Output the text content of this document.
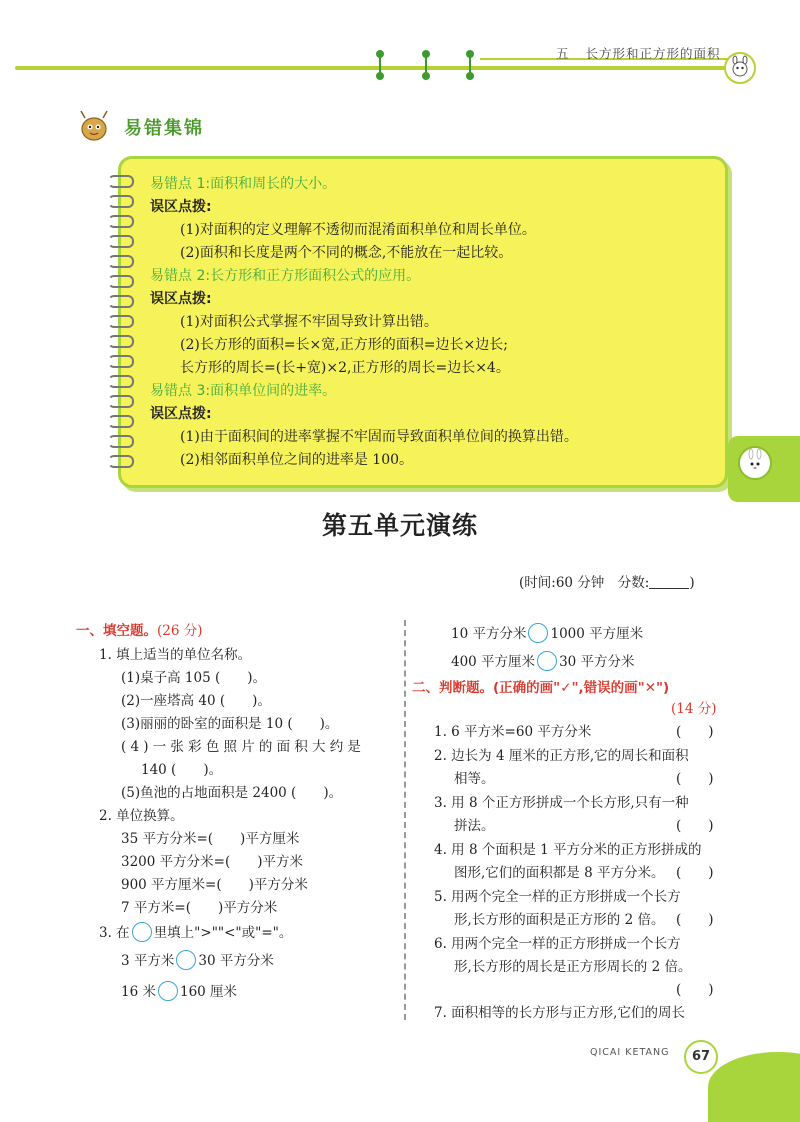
五 长方形和正方形的面积
易错集锦
易错点 1:面积和周长的大小。
误区点拨:
(1)对面积的定义理解不透彻而混淆面积单位和周长单位。
(2)面积和长度是两个不同的概念,不能放在一起比较。
易错点 2:长方形和正方形面积公式的应用。
误区点拨:
(1)对面积公式掌握不牢固导致计算出错。
(2)长方形的面积=长×宽,正方形的面积=边长×边长;
长方形的周长=(长+宽)×2,正方形的周长=边长×4。
易错点 3:面积单位间的进率。
误区点拨:
(1)由于面积间的进率掌握不牢固而导致面积单位间的换算出错。
(2)相邻面积单位之间的进率是 100。
第五单元演练
(时间:60 分钟　分数:	)
一、填空题。(26 分)
1. 填上适当的单位名称。
(1)桌子高 105 (　　)。
(2)一座塔高 40 (　　)。
(3)丽丽的卧室的面积是 10 (　　)。
(4)一张彩色照片的面积大约是
140 (　　)。
(5)鱼池的占地面积是 2400 (　　)。
2. 单位换算。
35 平方分米=(　　)平方厘米
3200 平方分米=(　　)平方米
900 平方厘米=(　　)平方分米
7 平方米=(　　)平方分米
3. 在 里填上">""<"或"="。
3 平方米 30 平方分米
16 米 160 厘米
10 平方分米 1000 平方厘米
400 平方厘米 30 平方分米
二、判断题。(正确的画"✓",错误的画"✕")
(14 分)
1. 6 平方米=60 平方分米	(　　)
2. 边长为 4 厘米的正方形,它的周长和面积
相等。	(　　)
3. 用 8 个正方形拼成一个长方形,只有一种
拼法。	(　　)
4. 用 8 个面积是 1 平方分米的正方形拼成的
图形,它们的面积都是 8 平方分米。 (　　)
5. 用两个完全一样的正方形拼成一个长方
形,长方形的面积是正方形的 2 倍。 (　　)
6. 用两个完全一样的正方形拼成一个长方
形,长方形的周长是正方形周长的 2 倍。
(　　)
7. 面积相等的长方形与正方形,它们的周长
QICAI KETANG	67
